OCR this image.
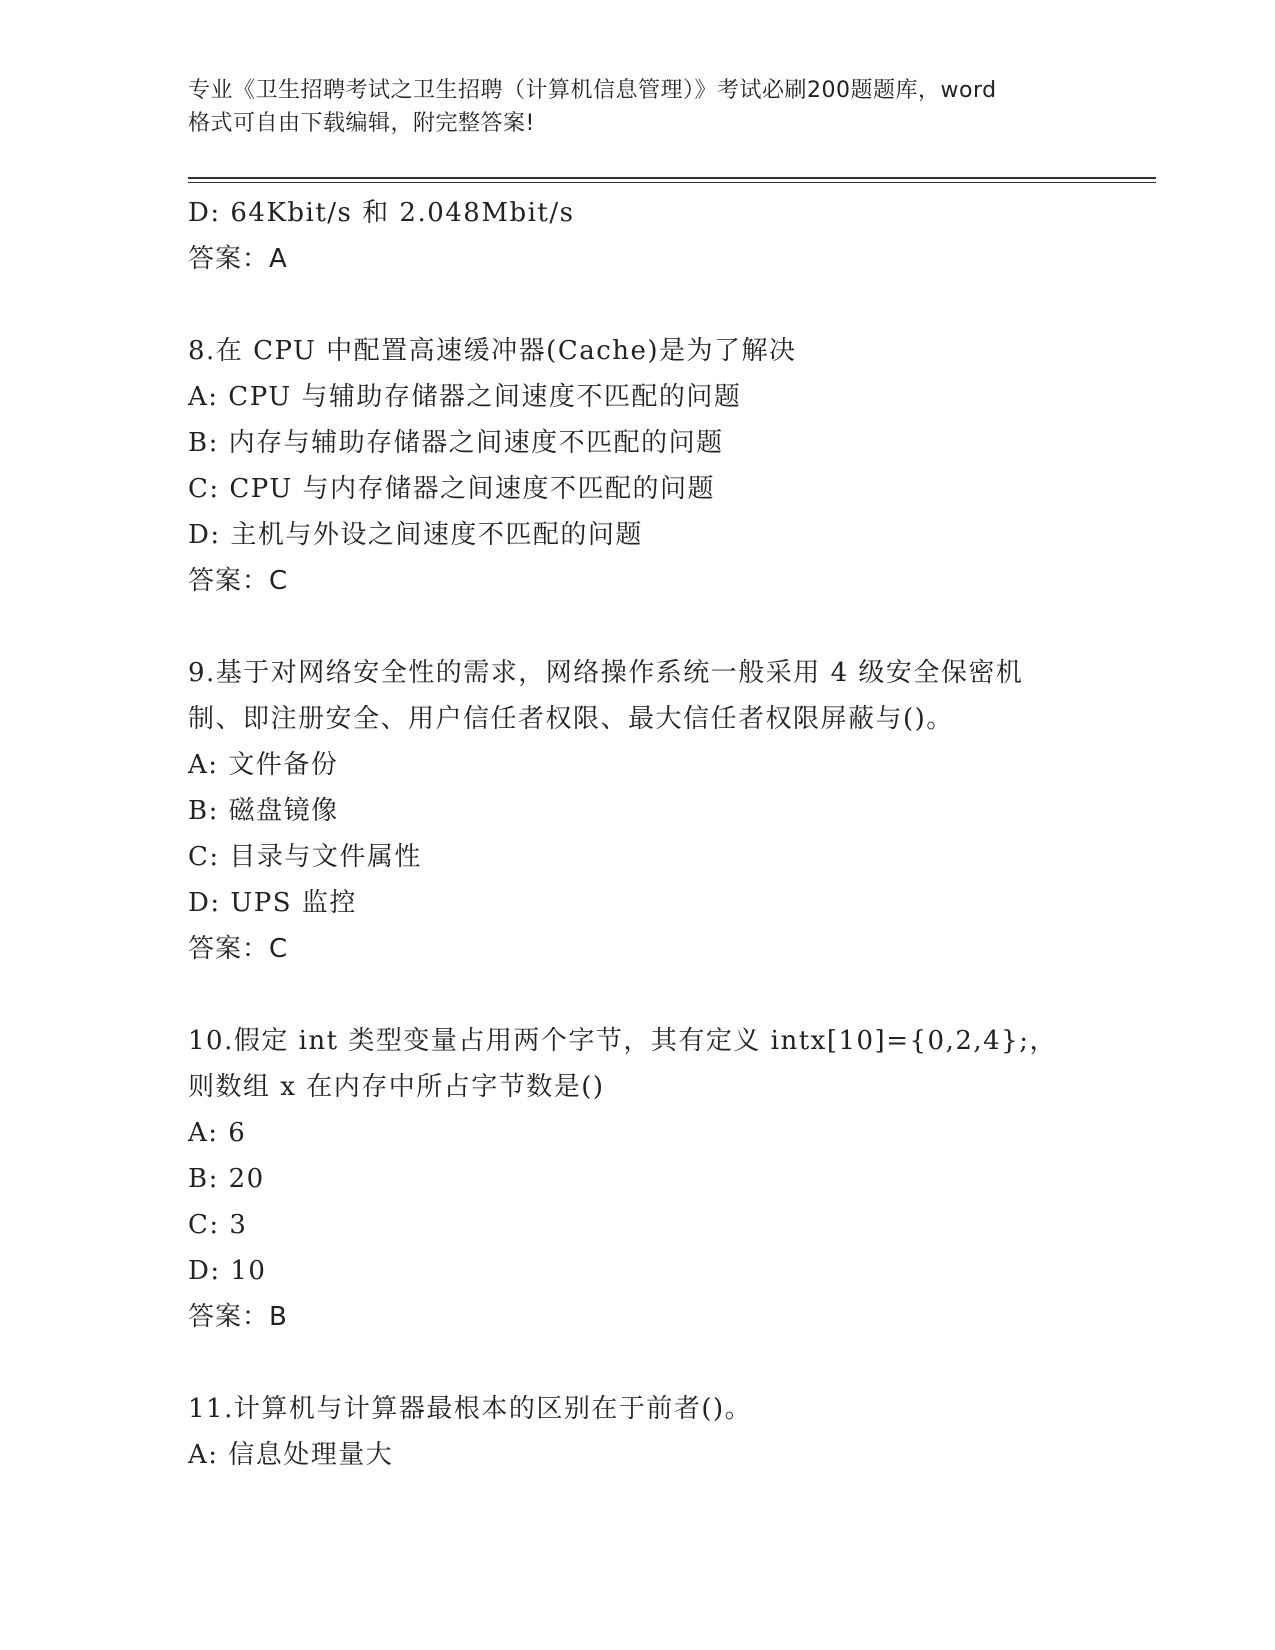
专业《卫生招聘考试之卫生招聘（计算机信息管理）》考试必刷200题题库，word
格式可自由下载编辑，附完整答案!
D: 64Kbit/s 和 2.048Mbit/s
答案：A
8.在 CPU 中配置高速缓冲器(Cache)是为了解决
A: CPU 与辅助存储器之间速度不匹配的问题
B: 内存与辅助存储器之间速度不匹配的问题
C: CPU 与内存储器之间速度不匹配的问题
D: 主机与外设之间速度不匹配的问题
答案：C
9.基于对网络安全性的需求，网络操作系统一般采用 4 级安全保密机
制、即注册安全、用户信任者权限、最大信任者权限屏蔽与()。
A: 文件备份
B: 磁盘镜像
C: 目录与文件属性
D: UPS 监控
答案：C
10.假定 int 类型变量占用两个字节，其有定义 intx[10]={0,2,4};，
则数组 x 在内存中所占字节数是()
A: 6
B: 20
C: 3
D: 10
答案：B
11.计算机与计算器最根本的区别在于前者()。
A: 信息处理量大
